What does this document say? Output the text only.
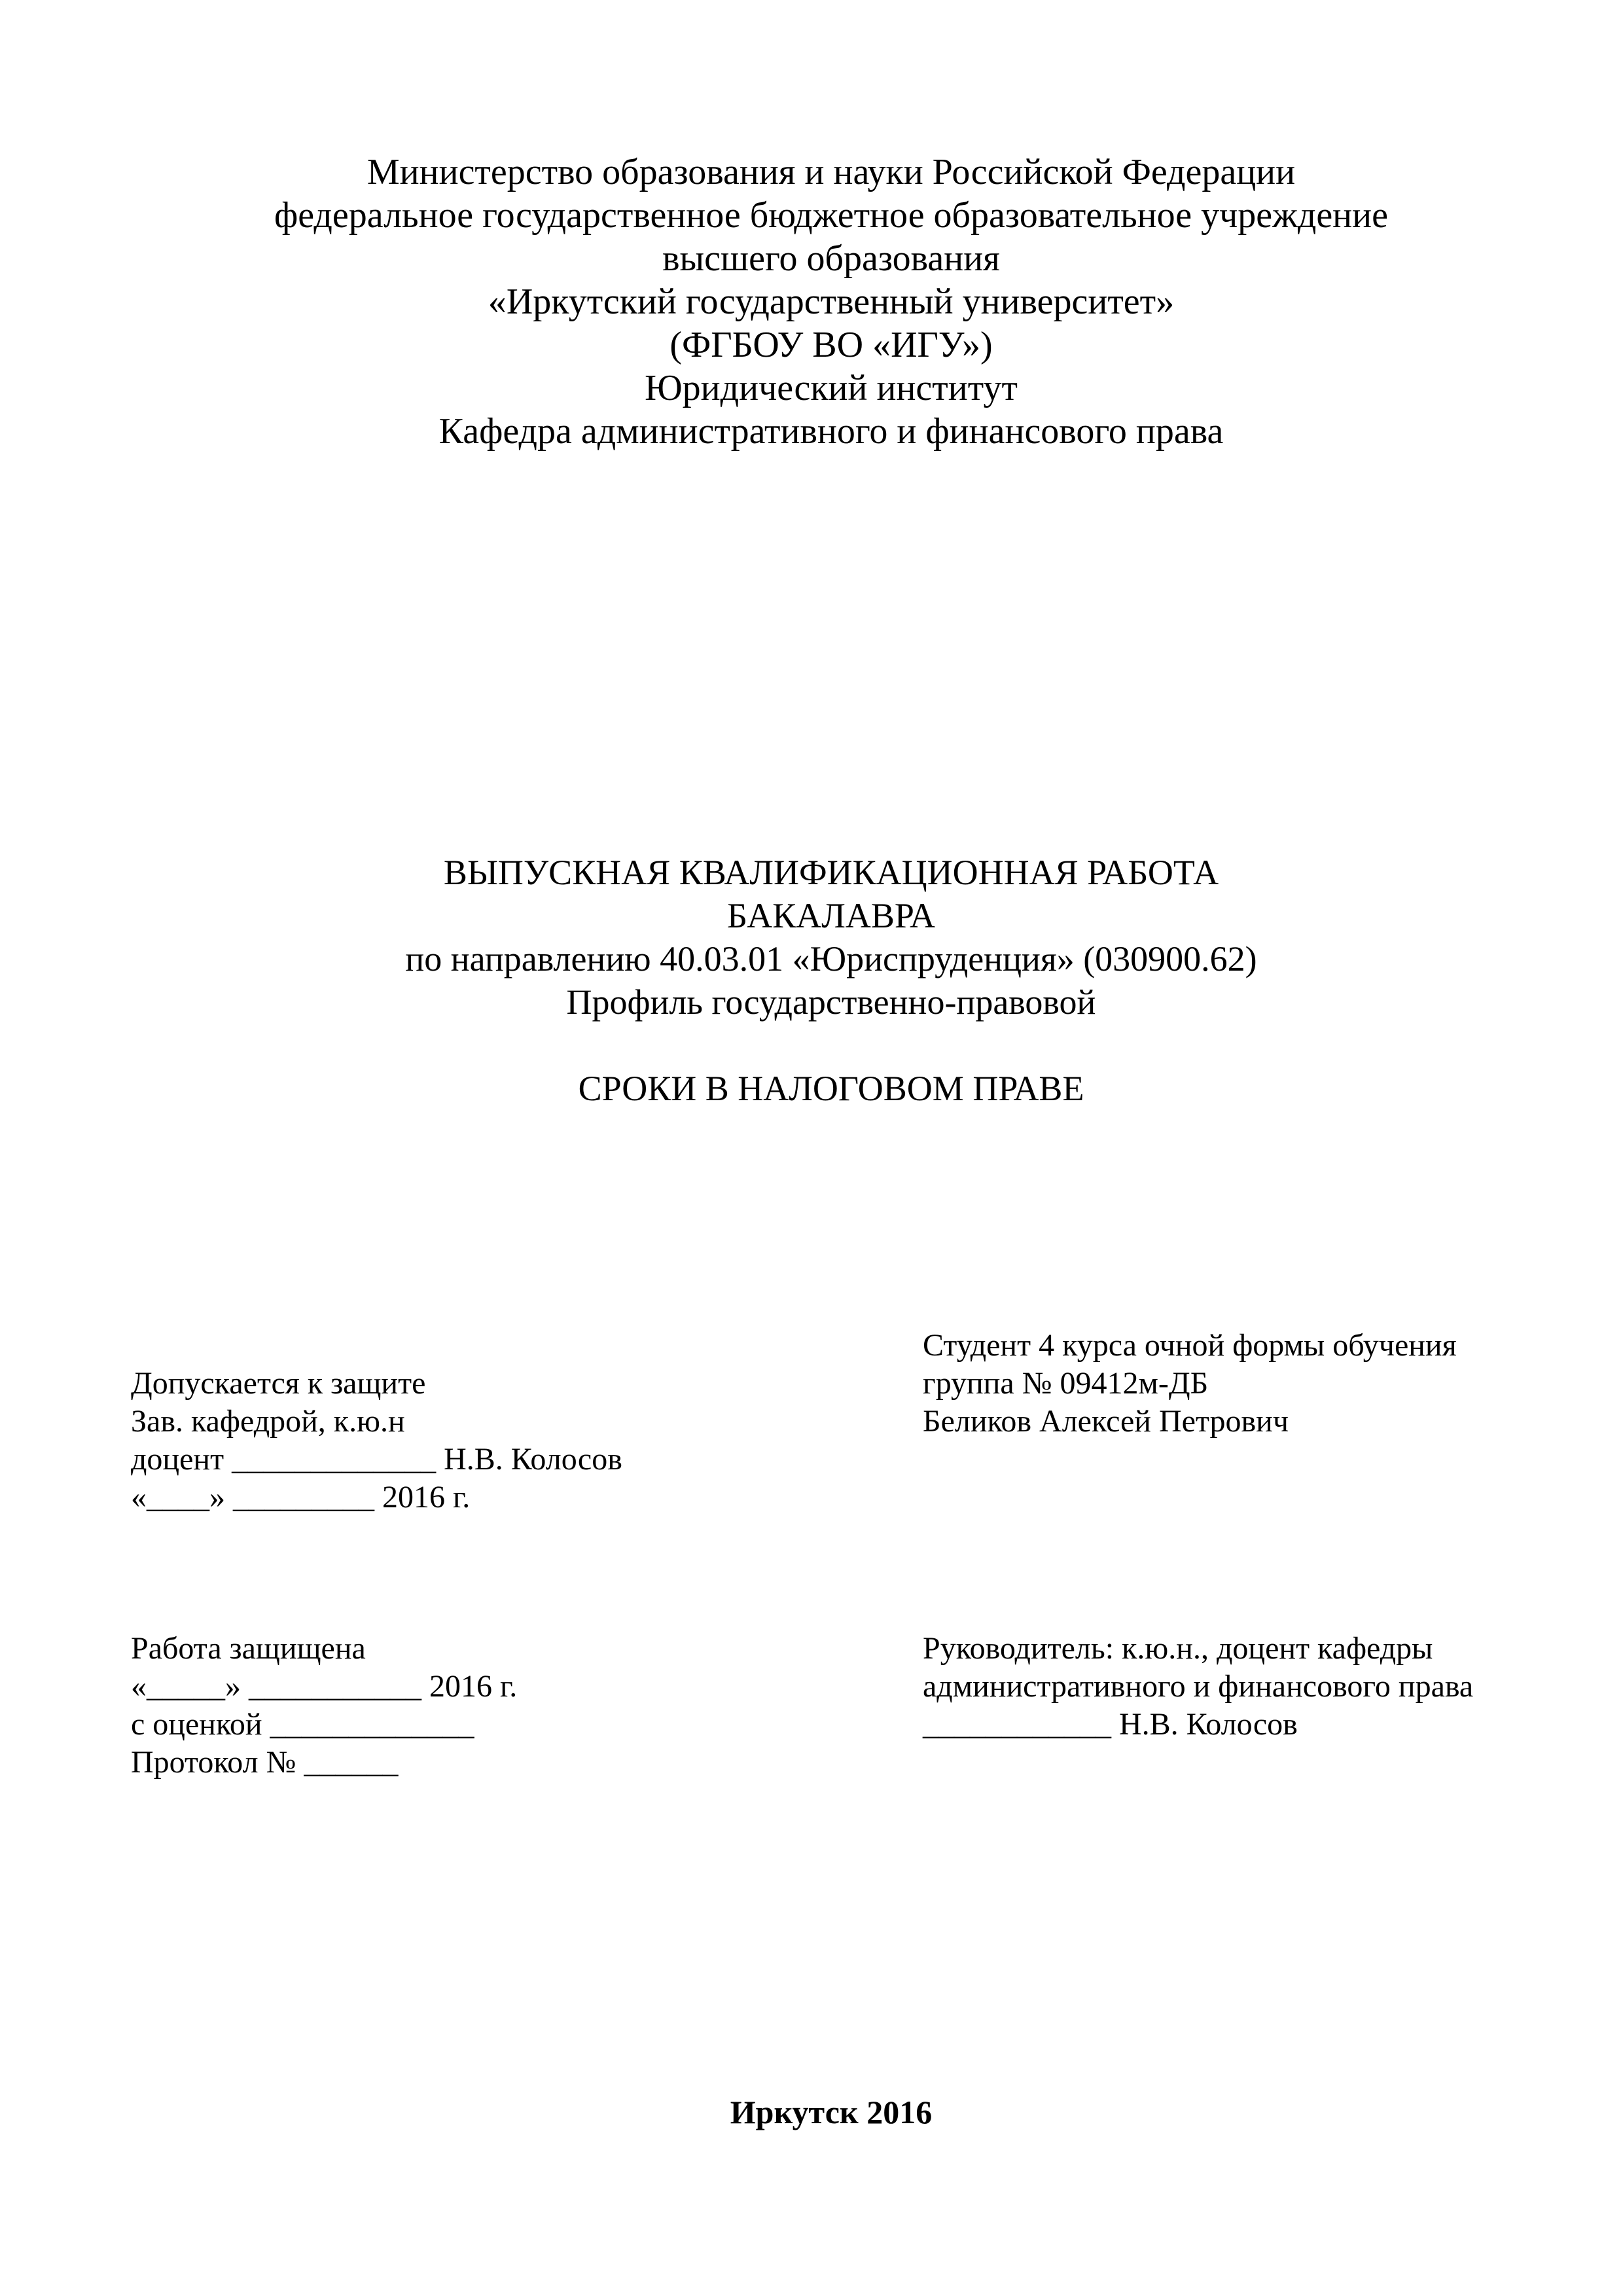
Министерство образования и науки Российской Федерации
федеральное государственное бюджетное образовательное учреждение
высшего образования
«Иркутский государственный университет»
(ФГБОУ ВО «ИГУ»)
Юридический институт
Кафедра административного и финансового права
ВЫПУСКНАЯ КВАЛИФИКАЦИОННАЯ РАБОТА
БАКАЛАВРА
по направлению 40.03.01 «Юриспруденция» (030900.62)
Профиль государственно-правовой
СРОКИ В НАЛОГОВОМ ПРАВЕ
Допускается к защите
Зав. кафедрой, к.ю.н
доцент _____________ Н.В. Колосов
«____» _________ 2016 г.
Студент 4 курса очной формы обучения
группа № 09412м-ДБ
Беликов Алексей Петрович
Работа защищена
«_____» ___________ 2016 г.
с оценкой _____________
Протокол № ______
Руководитель: к.ю.н., доцент кафедры
административного и финансового права
____________ Н.В. Колосов
Иркутск 2016
